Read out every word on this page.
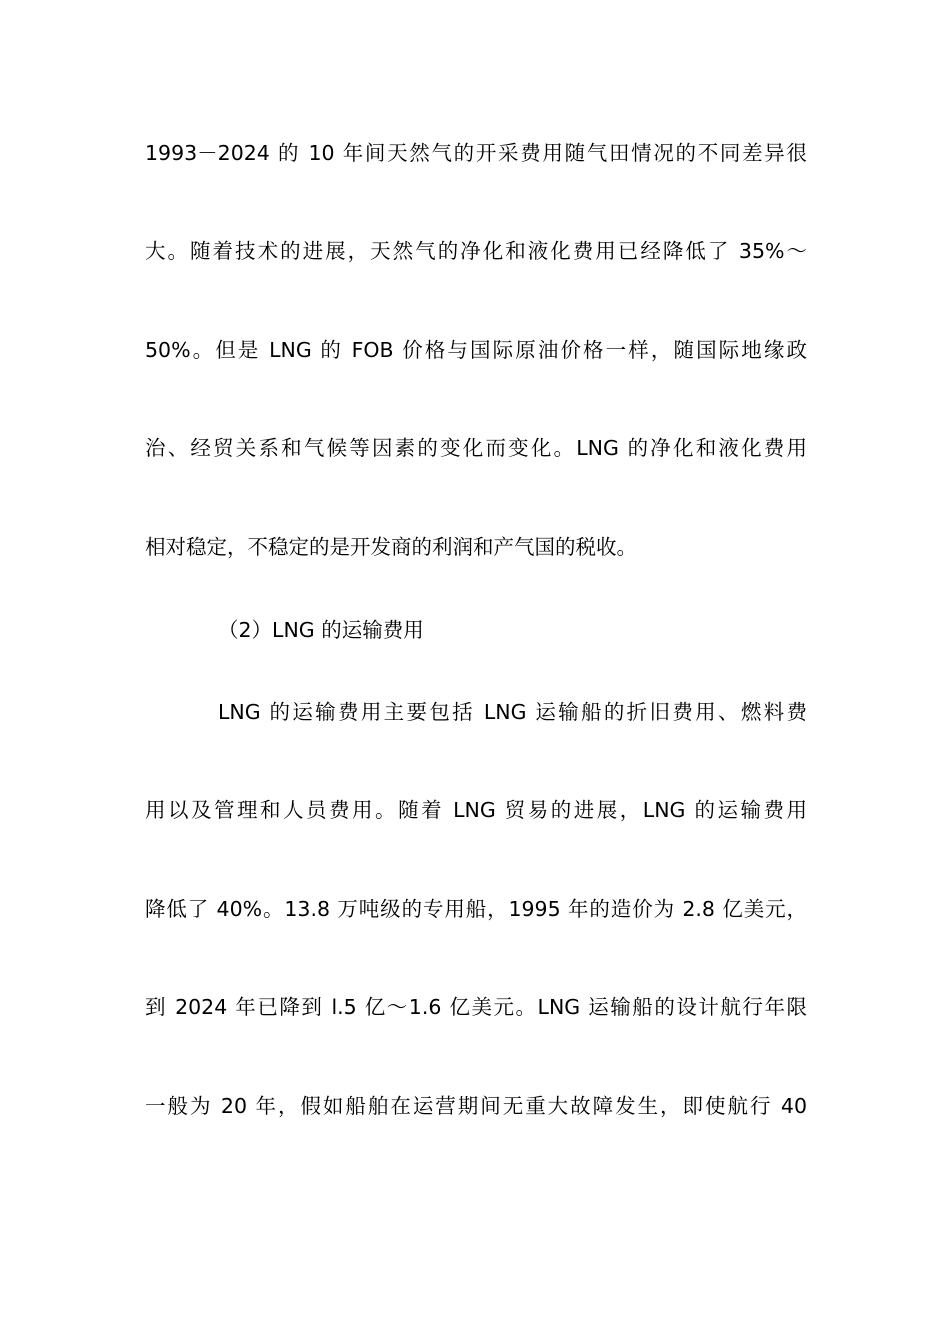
1993－2024 的 10 年间天然气的开采费用随气田情况的不同差异很
大。随着技术的进展，天然气的净化和液化费用已经降低了 35%～
50%。但是 LNG 的 FOB 价格与国际原油价格一样，随国际地缘政
治、经贸关系和气候等因素的变化而变化。LNG 的净化和液化费用
相对稳定，不稳定的是开发商的利润和产气国的税收。
（2）LNG 的运输费用
LNG 的运输费用主要包括 LNG 运输船的折旧费用、燃料费
用以及管理和人员费用。随着 LNG 贸易的进展，LNG 的运输费用
降低了 40%。13.8 万吨级的专用船，1995 年的造价为 2.8 亿美元，
到 2024 年已降到 l.5 亿～1.6 亿美元。LNG 运输船的设计航行年限
一般为 20 年，假如船舶在运营期间无重大故障发生，即使航行 40
